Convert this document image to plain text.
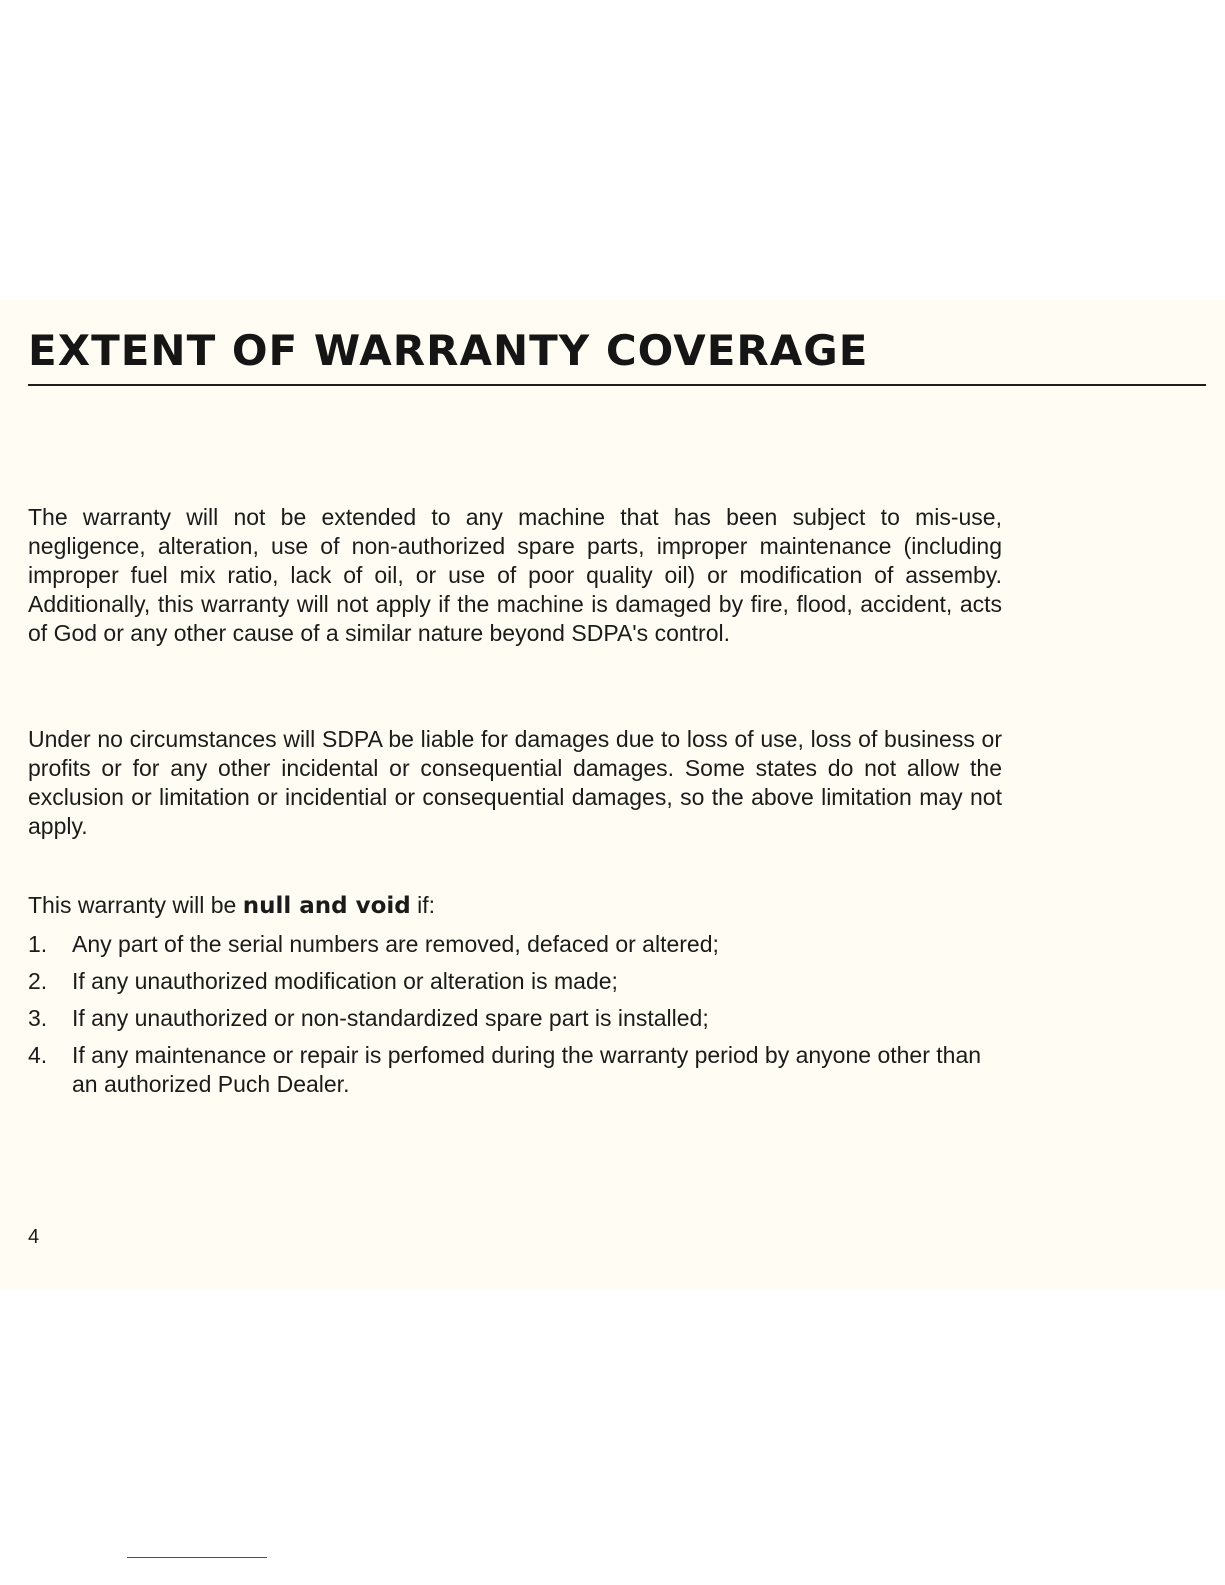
EXTENT OF WARRANTY COVERAGE

The warranty will not be extended to any machine that has been subject to mis-use, negligence, alteration, use of non-authorized spare parts, improper maintenance (including improper fuel mix ratio, lack of oil, or use of poor quality oil) or modification of assemby. Additionally, this warranty will not apply if the machine is damaged by fire, flood, accident, acts of God or any other cause of a similar nature beyond SDPA's control.

Under no circumstances will SDPA be liable for damages due to loss of use, loss of business or profits or for any other incidental or consequential damages. Some states do not allow the exclusion or limitation or incidential or consequential damages, so the above limitation may not apply.

This warranty will be null and void if:

1. Any part of the serial numbers are removed, defaced or altered;
2. If any unauthorized modification or alteration is made;
3. If any unauthorized or non-standardized spare part is installed;
4. If any maintenance or repair is perfomed during the warranty period by anyone other than an authorized Puch Dealer.
4
